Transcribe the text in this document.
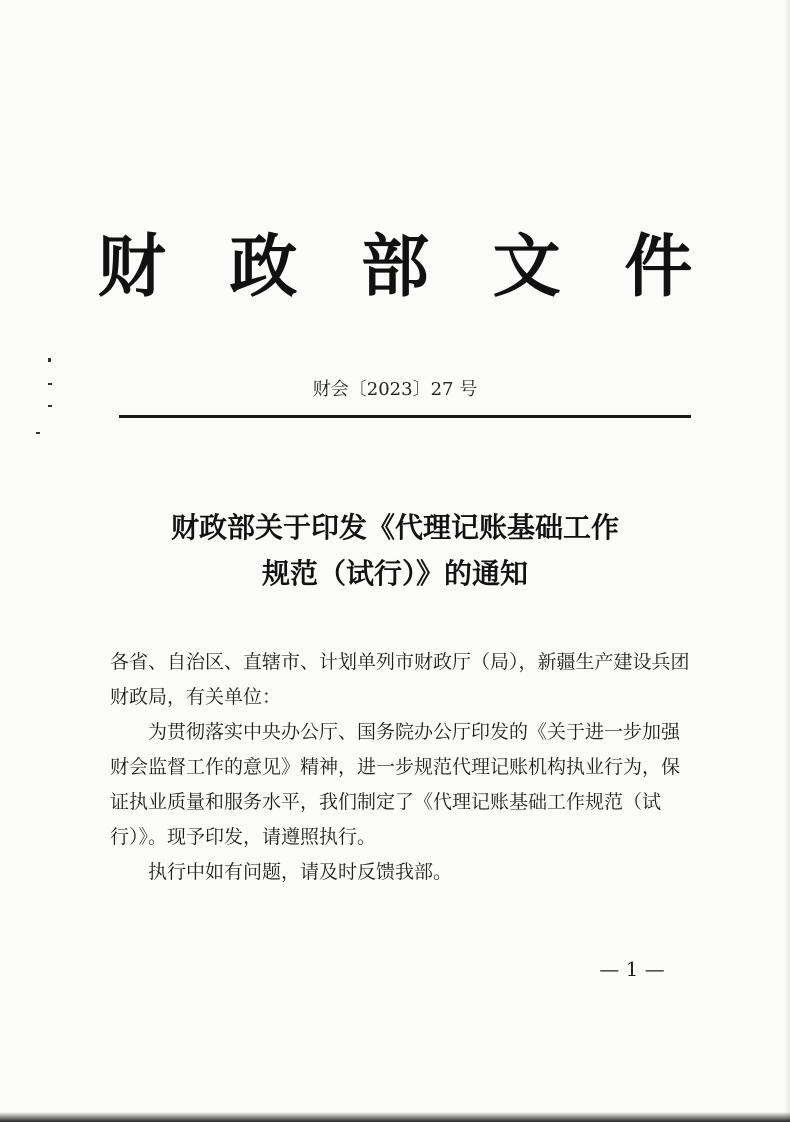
财 政 部 文 件
财会〔2023〕27 号
财政部关于印发《代理记账基础工作
规范（试行）》的通知

各省、自治区、直辖市、计划单列市财政厅（局），新疆生产建设兵团财政局，有关单位：

为贯彻落实中央办公厅、国务院办公厅印发的《关于进一步加强财会监督工作的意见》精神，进一步规范代理记账机构执业行为，保证执业质量和服务水平，我们制定了《代理记账基础工作规范（试行）》。现予印发，请遵照执行。

执行中如有问题，请及时反馈我部。

— 1 —
